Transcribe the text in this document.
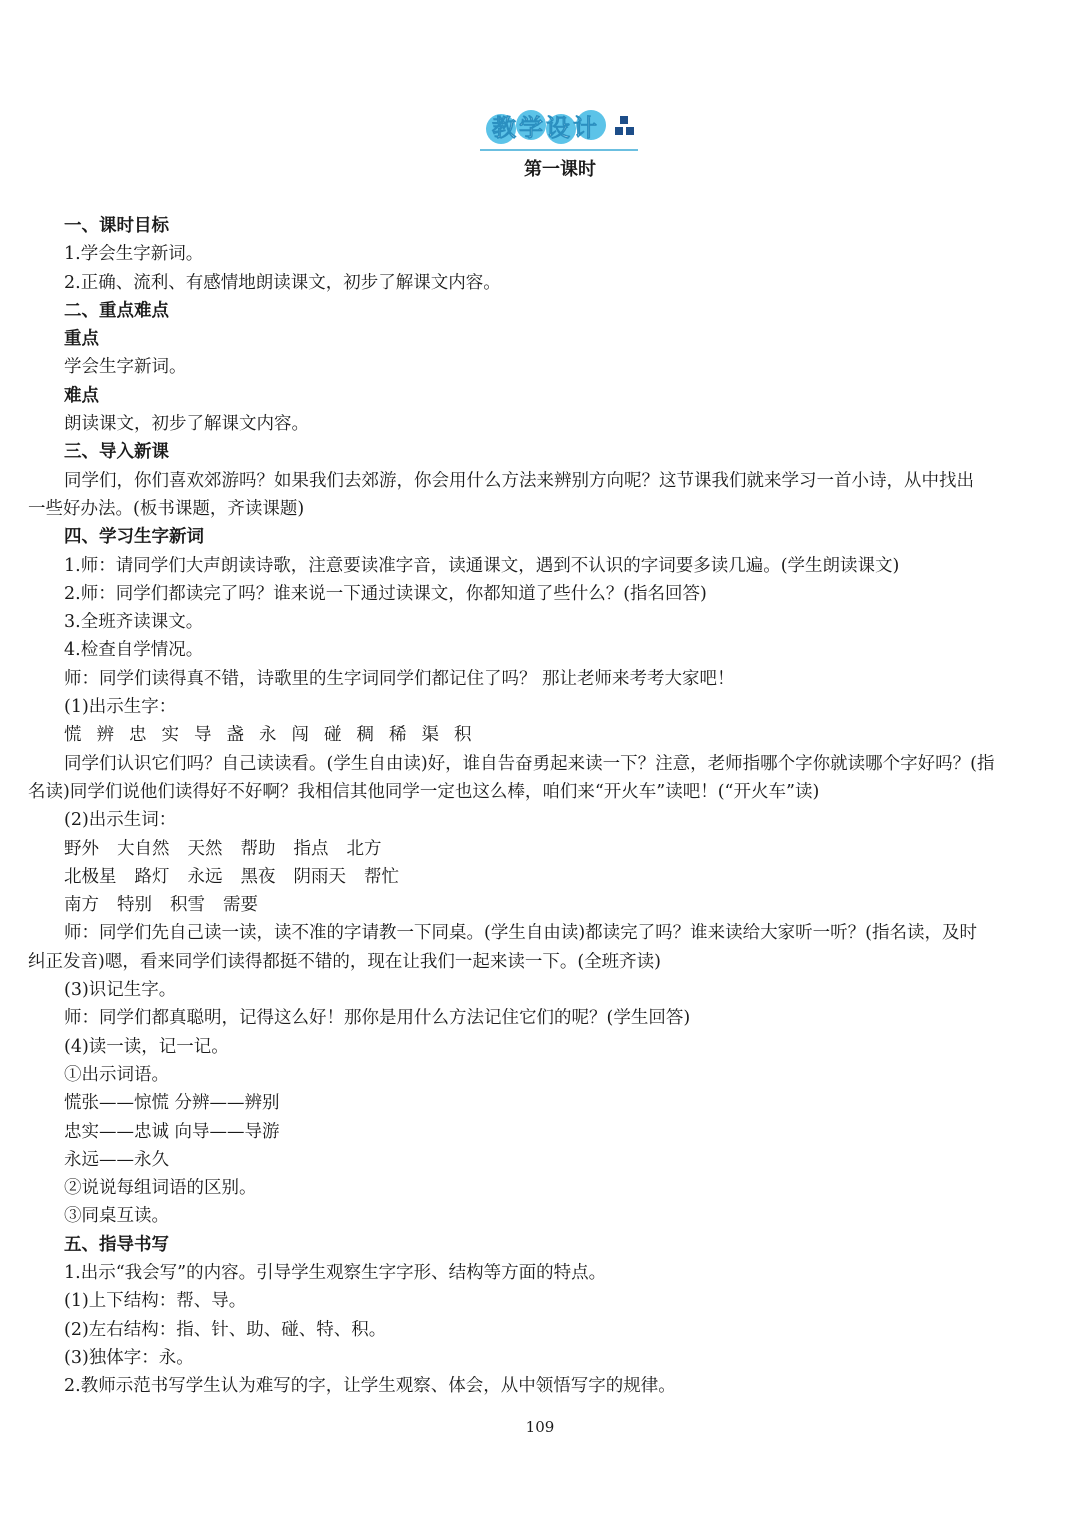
教学设计
第一课时
一、课时目标
1.学会生字新词。
2.正确、流利、有感情地朗读课文，初步了解课文内容。
二、重点难点
重点
学会生字新词。
难点
朗读课文，初步了解课文内容。
三、导入新课
同学们，你们喜欢郊游吗？如果我们去郊游，你会用什么方法来辨别方向呢？这节课我们就来学习一首小诗，从中找出
一些好办法。(板书课题，齐读课题)
四、学习生字新词
1.师：请同学们大声朗读诗歌，注意要读准字音，读通课文，遇到不认识的字词要多读几遍。(学生朗读课文)
2.师：同学们都读完了吗？谁来说一下通过读课文，你都知道了些什么？(指名回答)
3.全班齐读课文。
4.检查自学情况。
师：同学们读得真不错，诗歌里的生字词同学们都记住了吗？ 那让老师来考考大家吧！
(1)出示生字：
慌 辨 忠 实 导 盏 永 闯 碰 稠 稀 渠 积
同学们认识它们吗？自己读读看。(学生自由读)好，谁自告奋勇起来读一下？注意，老师指哪个字你就读哪个字好吗？(指
名读)同学们说他们读得好不好啊？我相信其他同学一定也这么棒，咱们来“开火车”读吧！(“开火车”读)
(2)出示生词：
野外 大自然 天然 帮助 指点 北方
北极星 路灯 永远 黑夜 阴雨天 帮忙
南方 特别 积雪 需要
师：同学们先自己读一读，读不准的字请教一下同桌。(学生自由读)都读完了吗？谁来读给大家听一听？(指名读，及时
纠正发音)嗯，看来同学们读得都挺不错的，现在让我们一起来读一下。(全班齐读)
(3)识记生字。
师：同学们都真聪明，记得这么好！那你是用什么方法记住它们的呢？(学生回答)
(4)读一读，记一记。
①出示词语。
慌张——惊慌 分辨——辨别
忠实——忠诚 向导——导游
永远——永久
②说说每组词语的区别。
③同桌互读。
五、指导书写
1.出示“我会写”的内容。引导学生观察生字字形、结构等方面的特点。
(1)上下结构：帮、导。
(2)左右结构：指、针、助、碰、特、积。
(3)独体字：永。
2.教师示范书写学生认为难写的字，让学生观察、体会，从中领悟写字的规律。
109
